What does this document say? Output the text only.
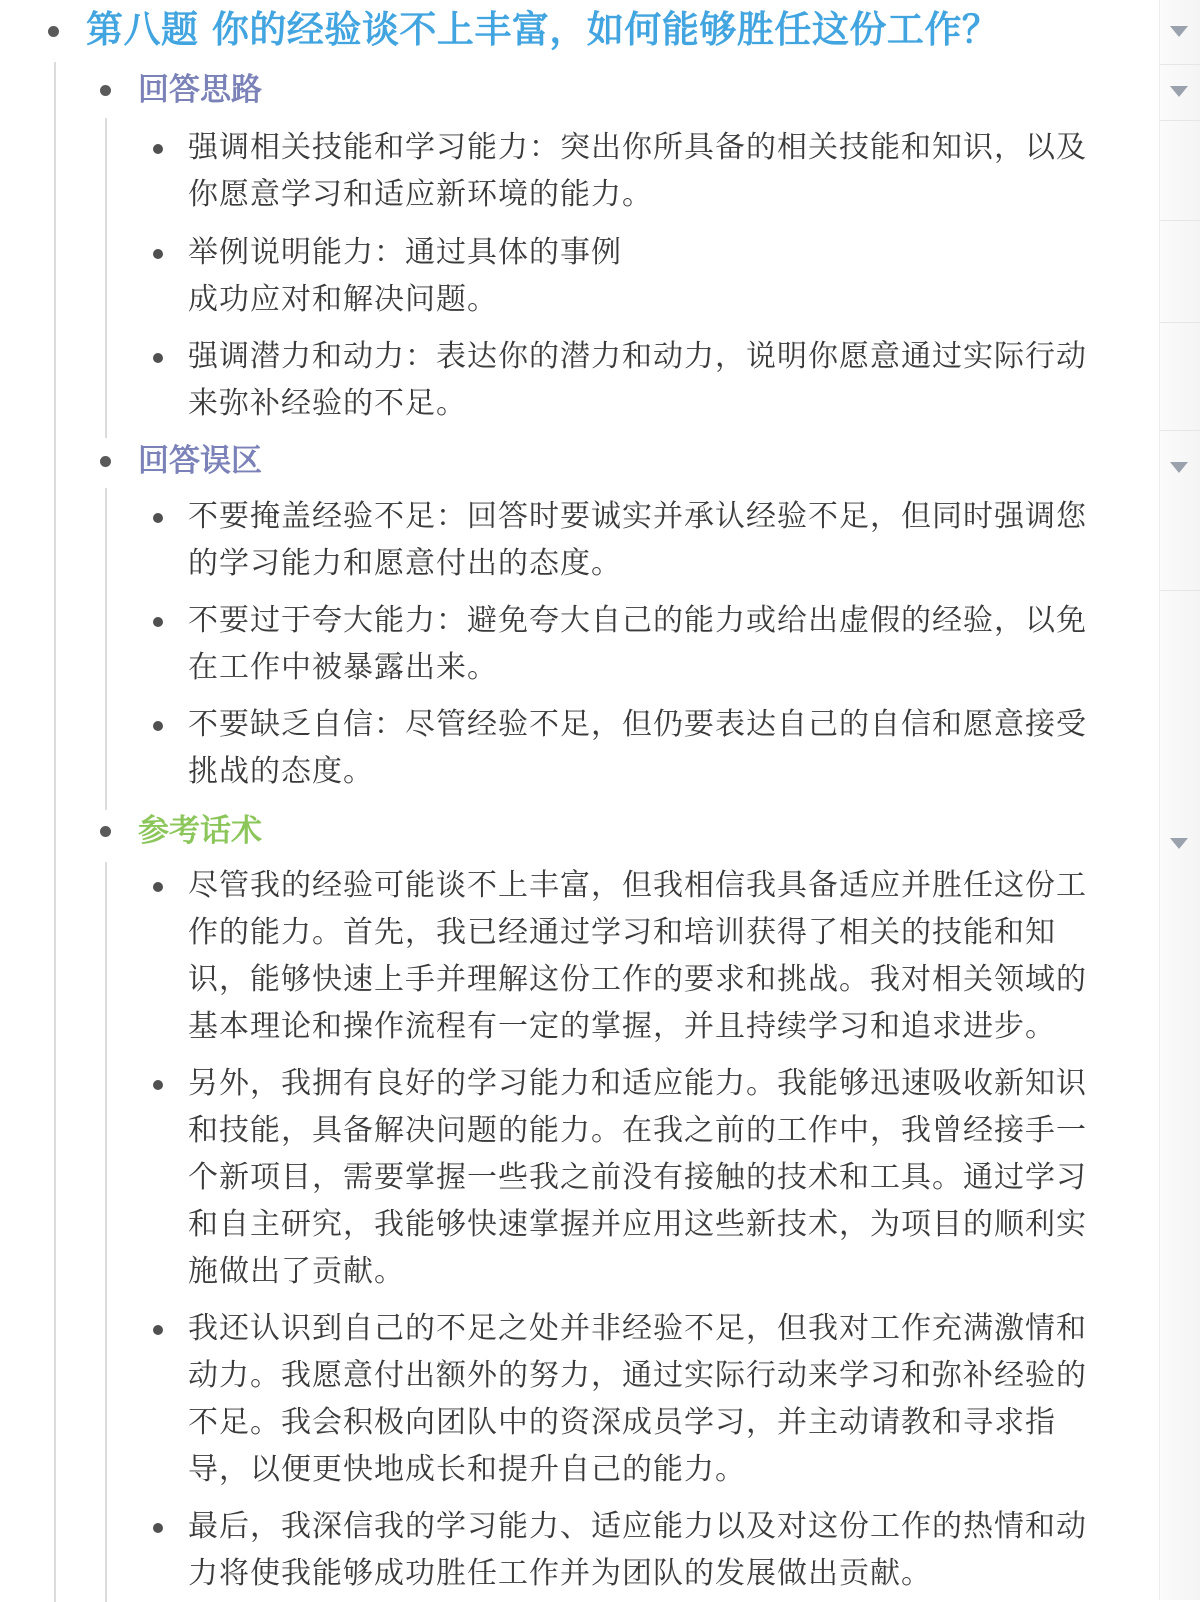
第八题 你的经验谈不上丰富，如何能够胜任这份工作？
回答思路
强调相关技能和学习能力：突出你所具备的相关技能和知识，以及你愿意学习和适应新环境的能力。
举例说明能力：通过具体的事例
成功应对和解决问题。
强调潜力和动力：表达你的潜力和动力，说明你愿意通过实际行动来弥补经验的不足。
回答误区
不要掩盖经验不足：回答时要诚实并承认经验不足，但同时强调您的学习能力和愿意付出的态度。
不要过于夸大能力：避免夸大自己的能力或给出虚假的经验，以免在工作中被暴露出来。
不要缺乏自信：尽管经验不足，但仍要表达自己的自信和愿意接受挑战的态度。
参考话术
尽管我的经验可能谈不上丰富，但我相信我具备适应并胜任这份工作的能力。首先，我已经通过学习和培训获得了相关的技能和知识，能够快速上手并理解这份工作的要求和挑战。我对相关领域的基本理论和操作流程有一定的掌握，并且持续学习和追求进步。
另外，我拥有良好的学习能力和适应能力。我能够迅速吸收新知识和技能，具备解决问题的能力。在我之前的工作中，我曾经接手一个新项目，需要掌握一些我之前没有接触的技术和工具。通过学习和自主研究，我能够快速掌握并应用这些新技术，为项目的顺利实施做出了贡献。
我还认识到自己的不足之处并非经验不足，但我对工作充满激情和动力。我愿意付出额外的努力，通过实际行动来学习和弥补经验的不足。我会积极向团队中的资深成员学习，并主动请教和寻求指导，以便更快地成长和提升自己的能力。
最后，我深信我的学习能力、适应能力以及对这份工作的热情和动力将使我能够成功胜任工作并为团队的发展做出贡献。
